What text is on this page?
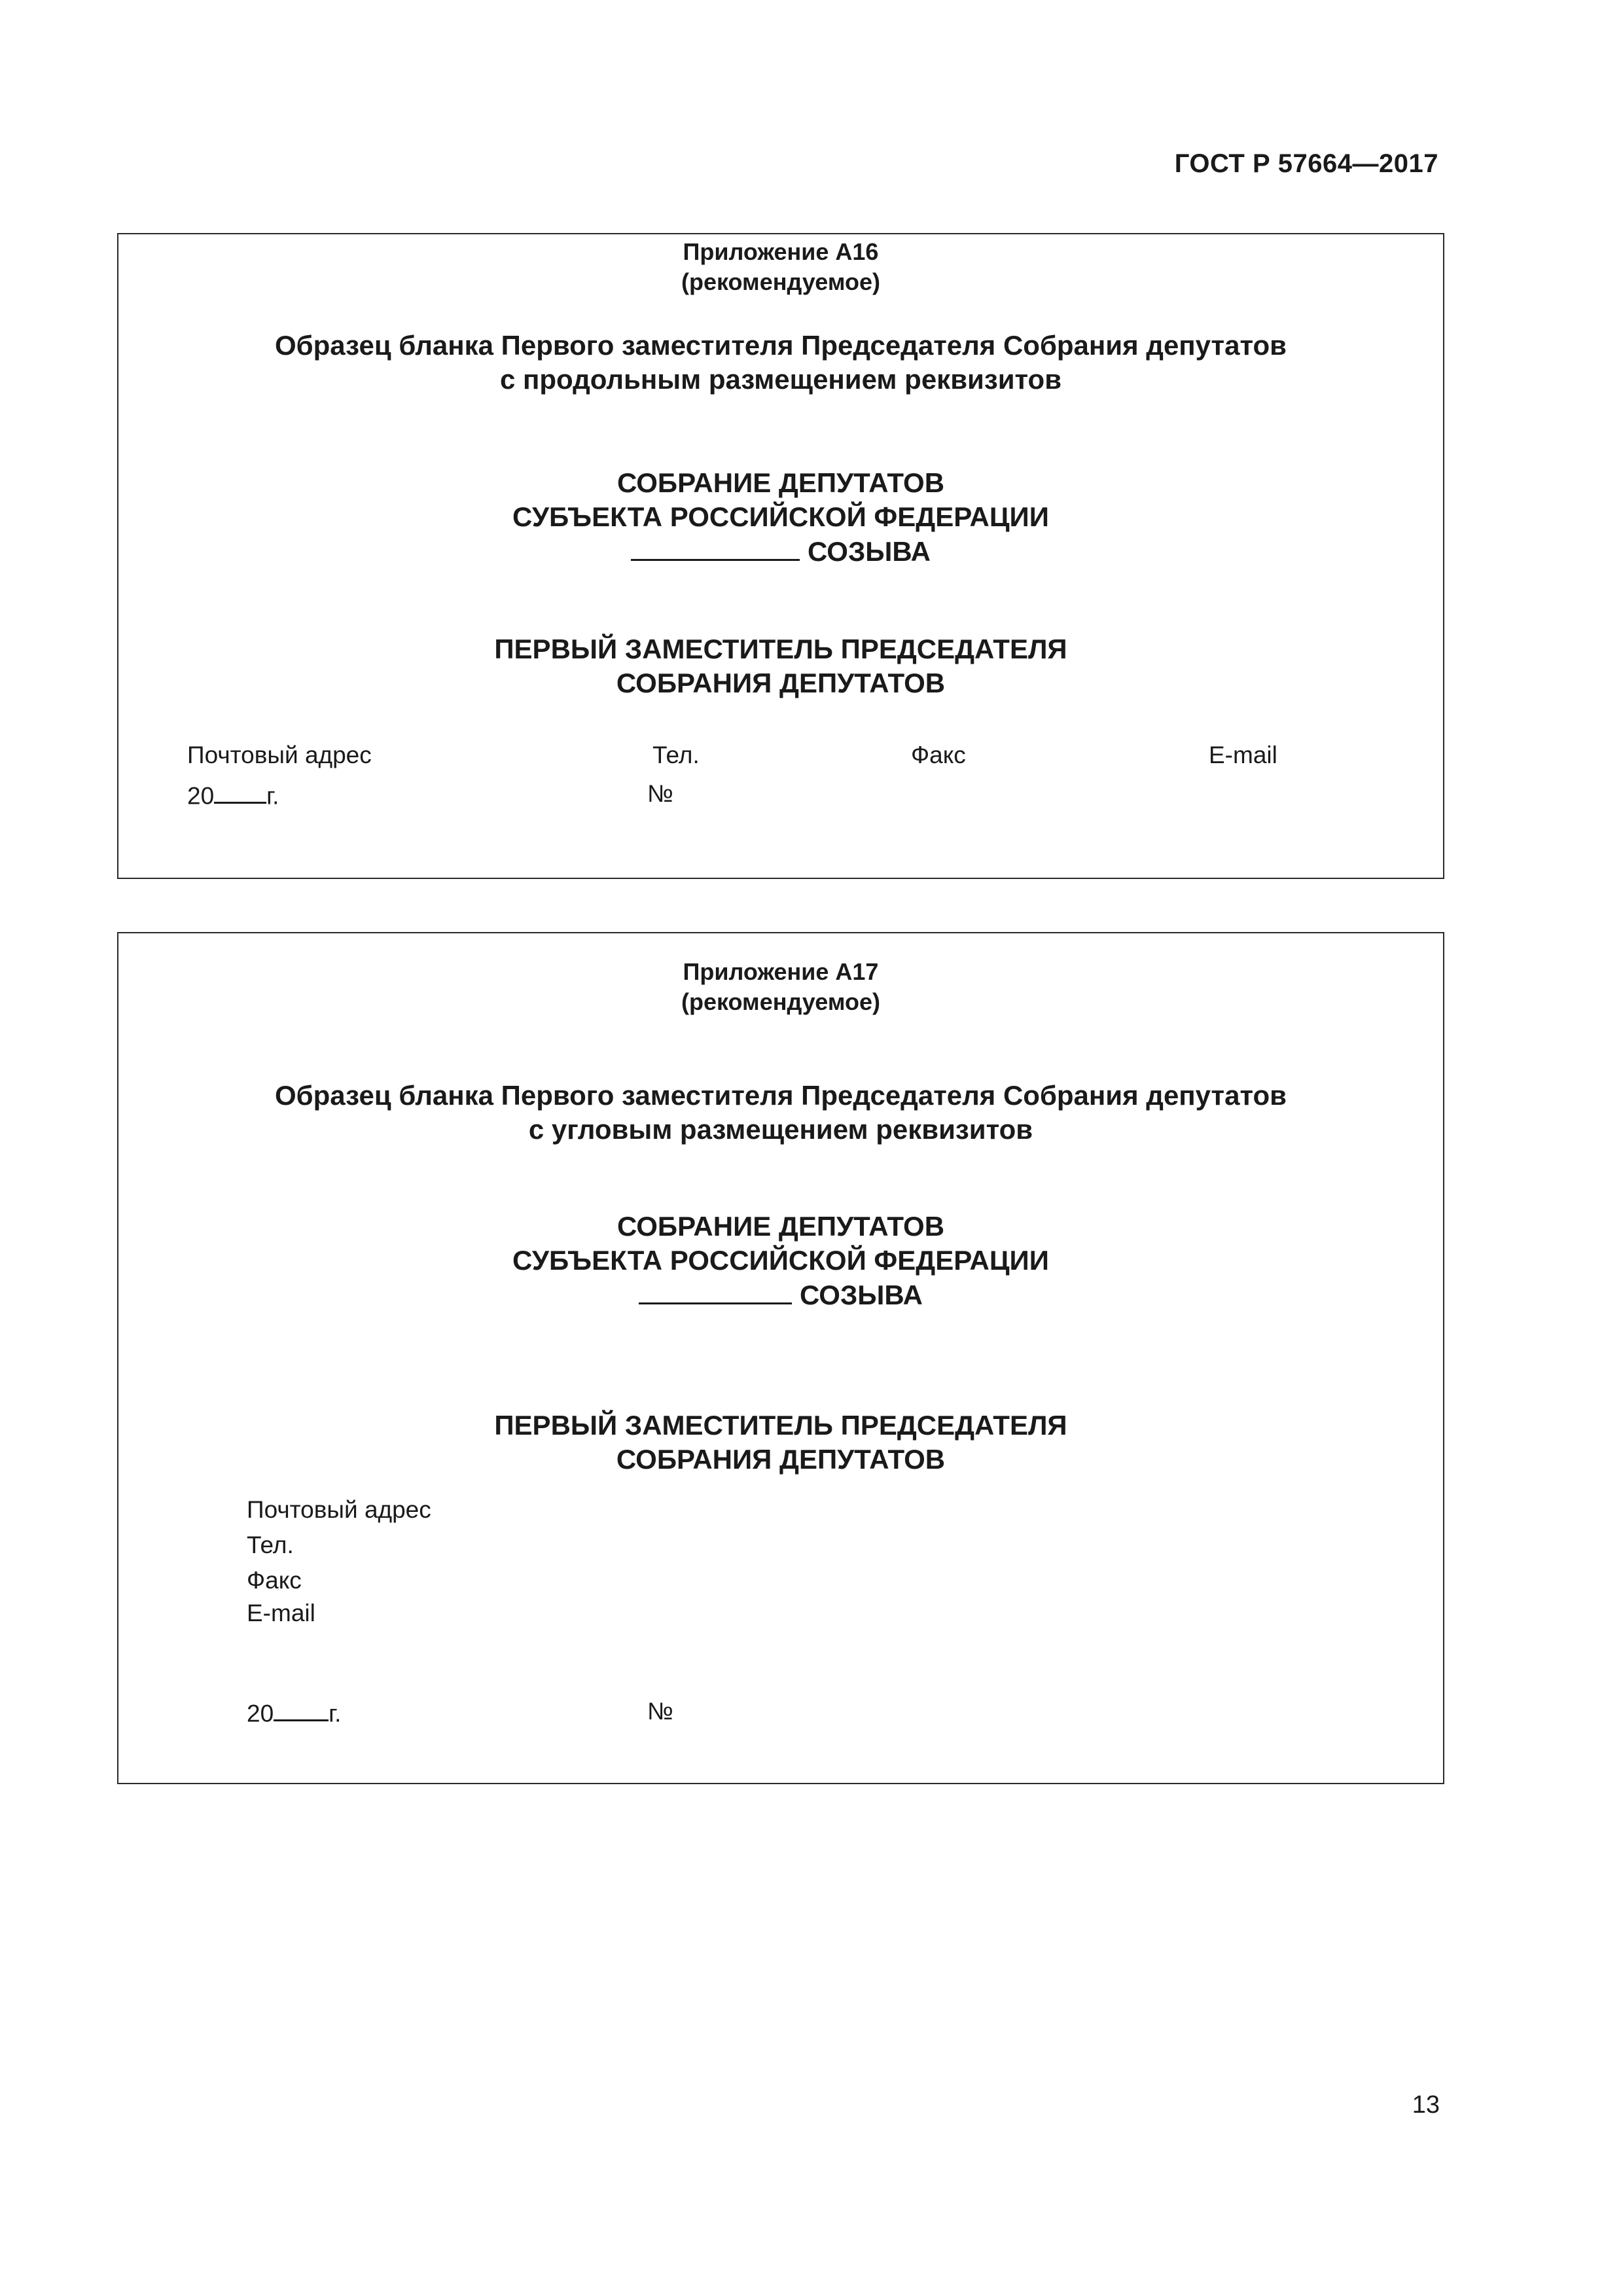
ГОСТ Р 57664—2017
Приложение А16
(рекомендуемое)
Образец бланка Первого заместителя Председателя Собрания депутатов
с продольным размещением реквизитов
СОБРАНИЕ ДЕПУТАТОВ
СУБЪЕКТА РОССИЙСКОЙ ФЕДЕРАЦИИ
СОЗЫВА
ПЕРВЫЙ ЗАМЕСТИТЕЛЬ ПРЕДСЕДАТЕЛЯ
СОБРАНИЯ ДЕПУТАТОВ
Почтовый адрес	Тел.	Факс	E-mail
20 г.	№
Приложение А17
(рекомендуемое)
Образец бланка Первого заместителя Председателя Собрания депутатов
с угловым размещением реквизитов
СОБРАНИЕ ДЕПУТАТОВ
СУБЪЕКТА РОССИЙСКОЙ ФЕДЕРАЦИИ
СОЗЫВА
ПЕРВЫЙ ЗАМЕСТИТЕЛЬ ПРЕДСЕДАТЕЛЯ
СОБРАНИЯ ДЕПУТАТОВ
Почтовый адрес
Тел.
Факс
E-mail
20 г.	№
13
